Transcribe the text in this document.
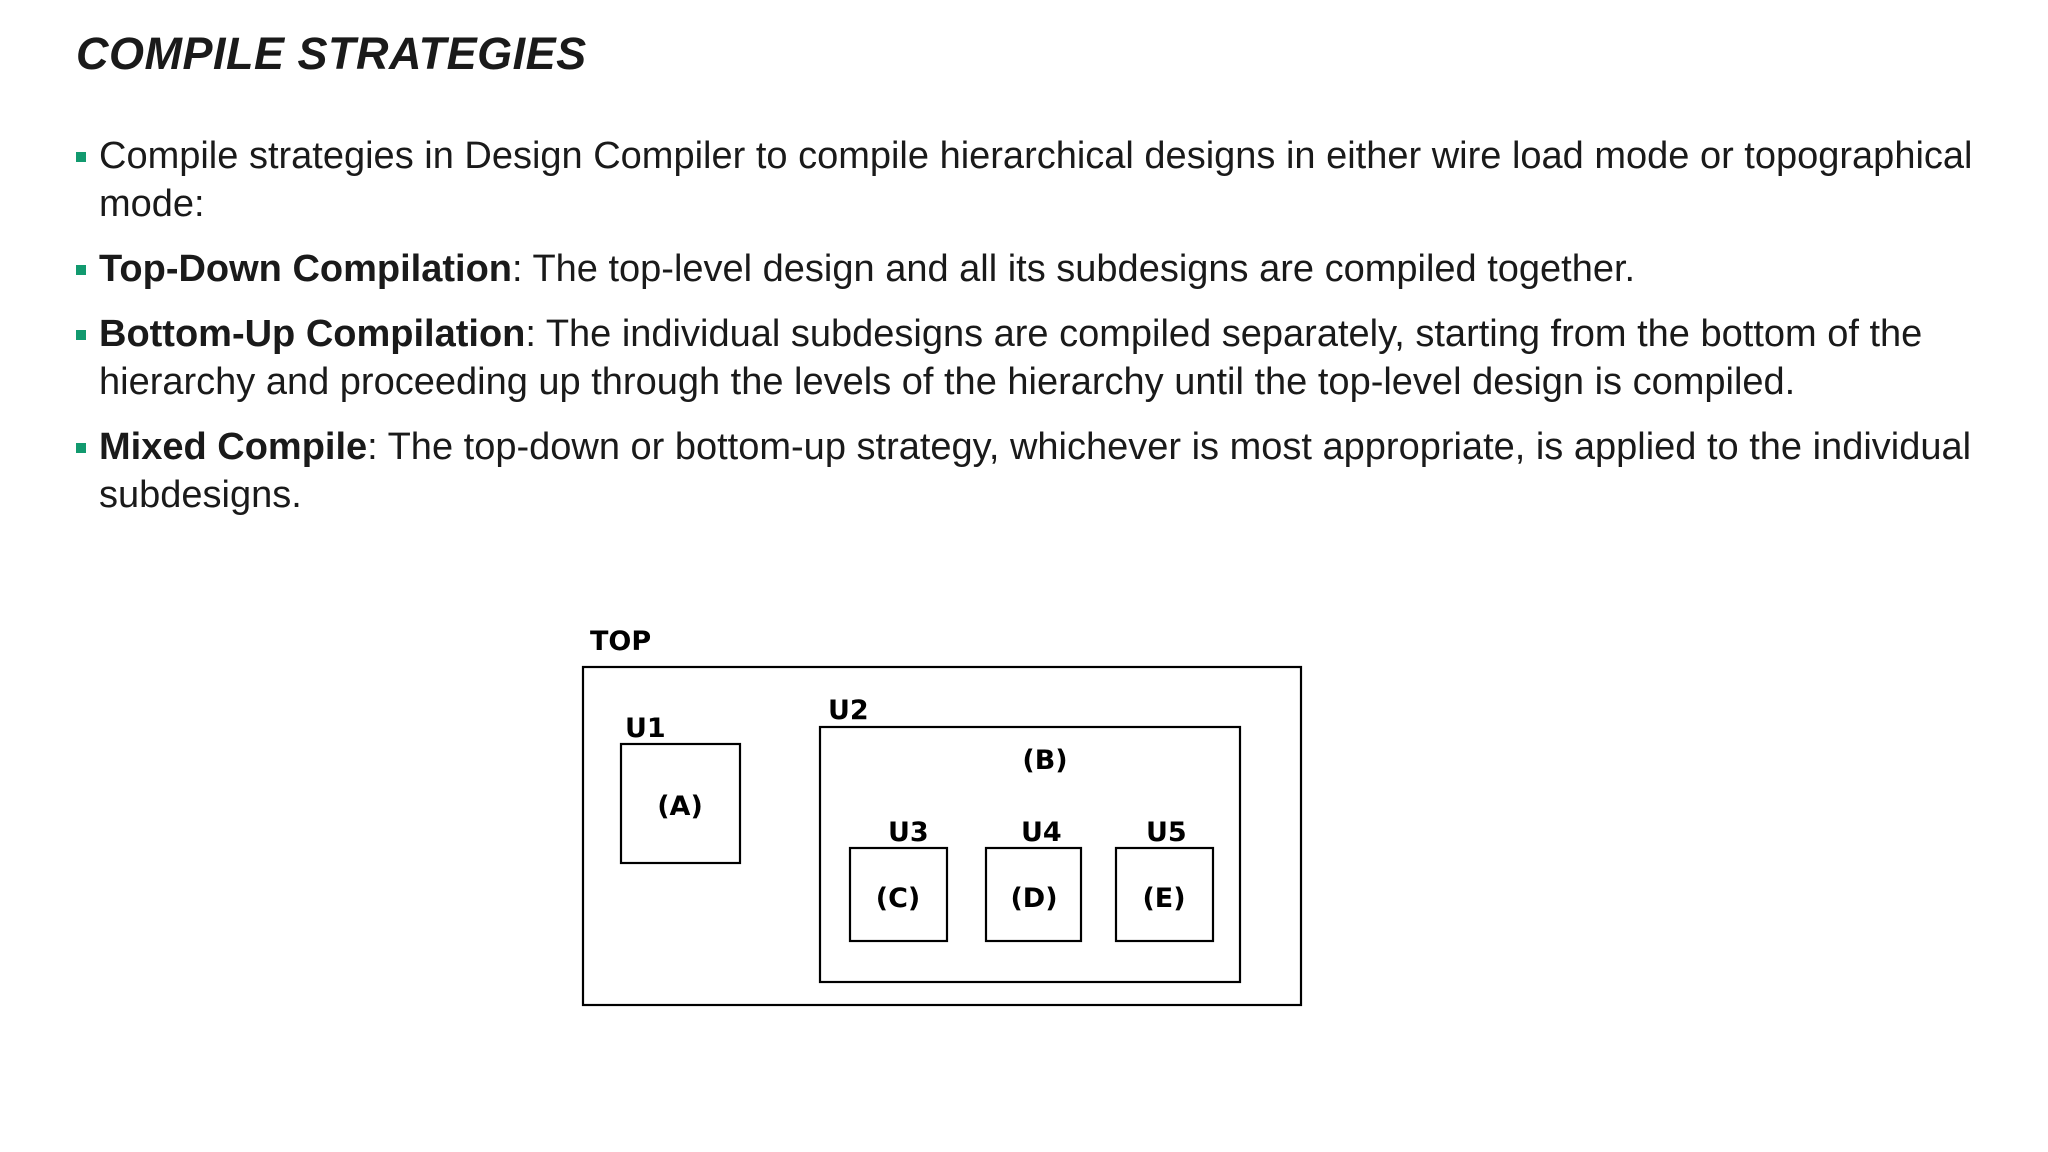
COMPILE STRATEGIES
Compile strategies in Design Compiler to compile hierarchical designs in either wire load mode or topographical mode:
Top-Down Compilation: The top-level design and all its subdesigns are compiled together.
Bottom-Up Compilation: The individual subdesigns are compiled separately, starting from the bottom of the hierarchy and proceeding up through the levels of the hierarchy until the top-level design is compiled.
Mixed Compile: The top-down or bottom-up strategy, whichever is most appropriate, is applied to the individual subdesigns.
TOP
U1
(A)
U2
(B)
U3
(C)
U4
(D)
U5
(E)
